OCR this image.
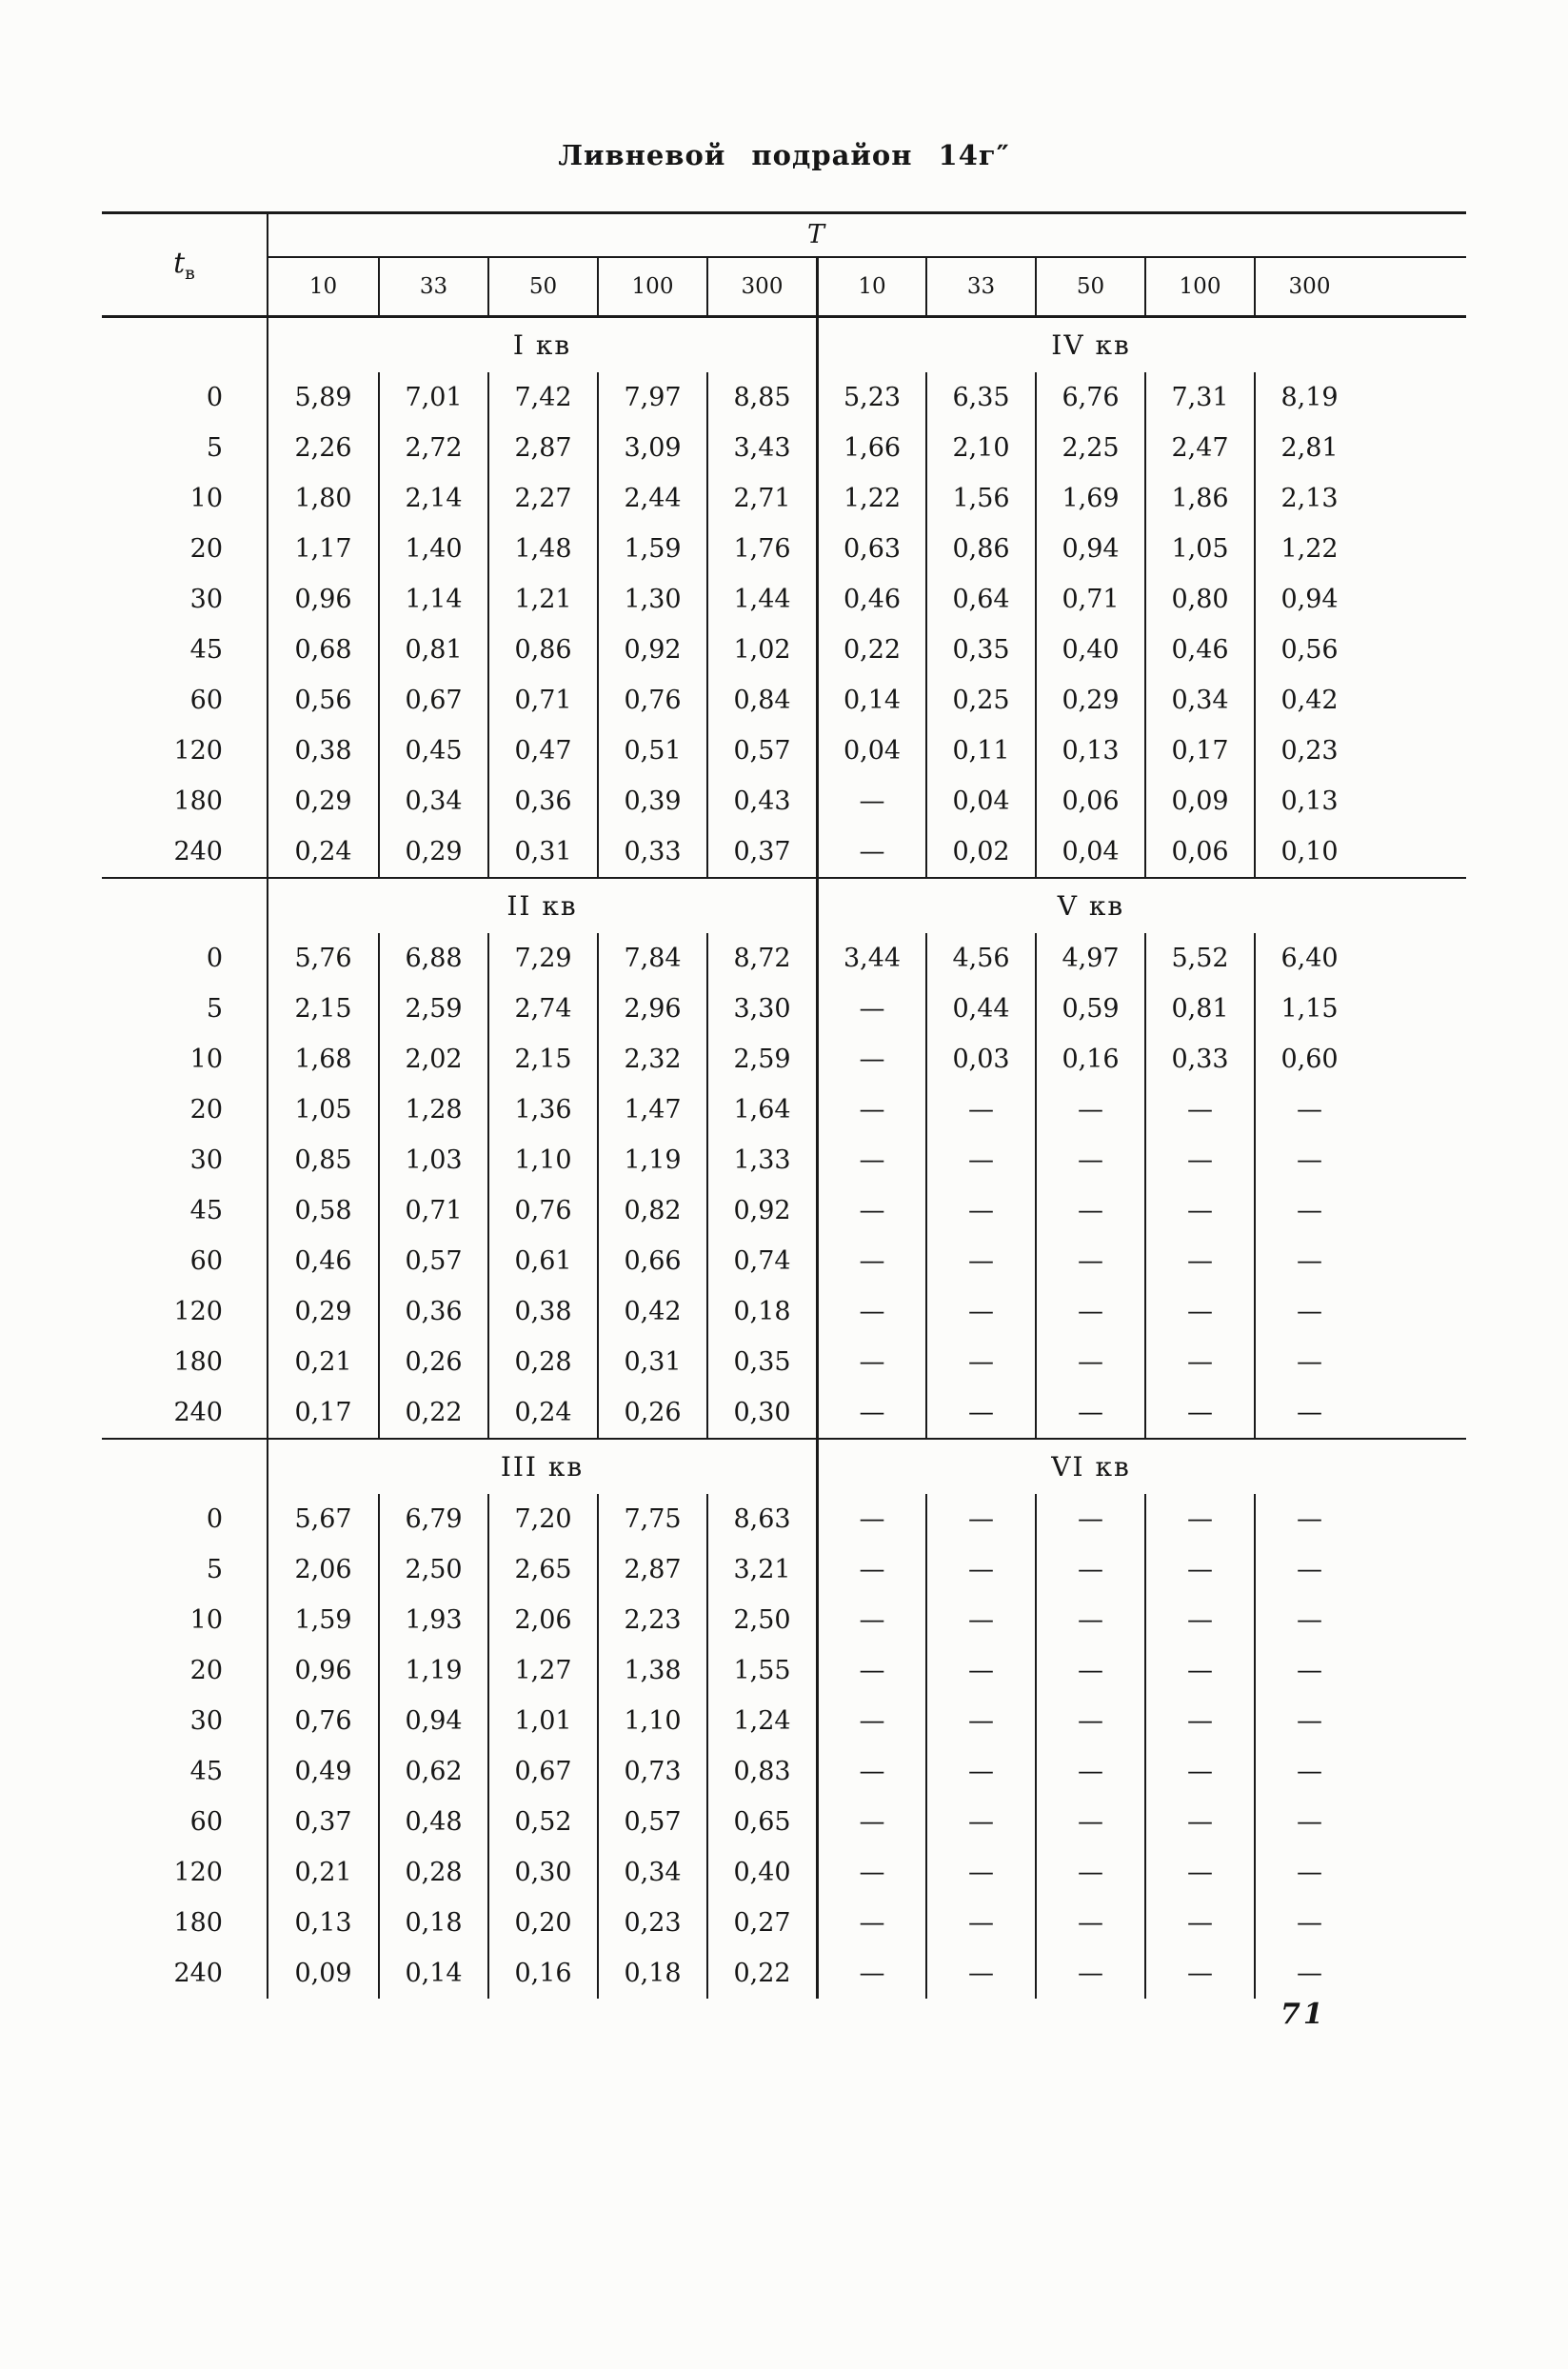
Ливневой подрайон 14г″
$t_в$
T
10	33	50	100	300	10	33	50	100	300
I кв	IV кв
0	5,89	7,01	7,42	7,97	8,85	5,23	6,35	6,76	7,31	8,19
5	2,26	2,72	2,87	3,09	3,43	1,66	2,10	2,25	2,47	2,81
10	1,80	2,14	2,27	2,44	2,71	1,22	1,56	1,69	1,86	2,13
20	1,17	1,40	1,48	1,59	1,76	0,63	0,86	0,94	1,05	1,22
30	0,96	1,14	1,21	1,30	1,44	0,46	0,64	0,71	0,80	0,94
45	0,68	0,81	0,86	0,92	1,02	0,22	0,35	0,40	0,46	0,56
60	0,56	0,67	0,71	0,76	0,84	0,14	0,25	0,29	0,34	0,42
120	0,38	0,45	0,47	0,51	0,57	0,04	0,11	0,13	0,17	0,23
180	0,29	0,34	0,36	0,39	0,43	—	0,04	0,06	0,09	0,13
240	0,24	0,29	0,31	0,33	0,37	—	0,02	0,04	0,06	0,10
II кв	V кв
0	5,76	6,88	7,29	7,84	8,72	3,44	4,56	4,97	5,52	6,40
5	2,15	2,59	2,74	2,96	3,30	—	0,44	0,59	0,81	1,15
10	1,68	2,02	2,15	2,32	2,59	—	0,03	0,16	0,33	0,60
20	1,05	1,28	1,36	1,47	1,64	—	—	—	—	—
30	0,85	1,03	1,10	1,19	1,33	—	—	—	—	—
45	0,58	0,71	0,76	0,82	0,92	—	—	—	—	—
60	0,46	0,57	0,61	0,66	0,74	—	—	—	—	—
120	0,29	0,36	0,38	0,42	0,18	—	—	—	—	—
180	0,21	0,26	0,28	0,31	0,35	—	—	—	—	—
240	0,17	0,22	0,24	0,26	0,30	—	—	—	—	—
III кв	VI кв
0	5,67	6,79	7,20	7,75	8,63	—	—	—	—	—
5	2,06	2,50	2,65	2,87	3,21	—	—	—	—	—
10	1,59	1,93	2,06	2,23	2,50	—	—	—	—	—
20	0,96	1,19	1,27	1,38	1,55	—	—	—	—	—
30	0,76	0,94	1,01	1,10	1,24	—	—	—	—	—
45	0,49	0,62	0,67	0,73	0,83	—	—	—	—	—
60	0,37	0,48	0,52	0,57	0,65	—	—	—	—	—
120	0,21	0,28	0,30	0,34	0,40	—	—	—	—	—
180	0,13	0,18	0,20	0,23	0,27	—	—	—	—	—
240	0,09	0,14	0,16	0,18	0,22	—	—	—	—	—
71
